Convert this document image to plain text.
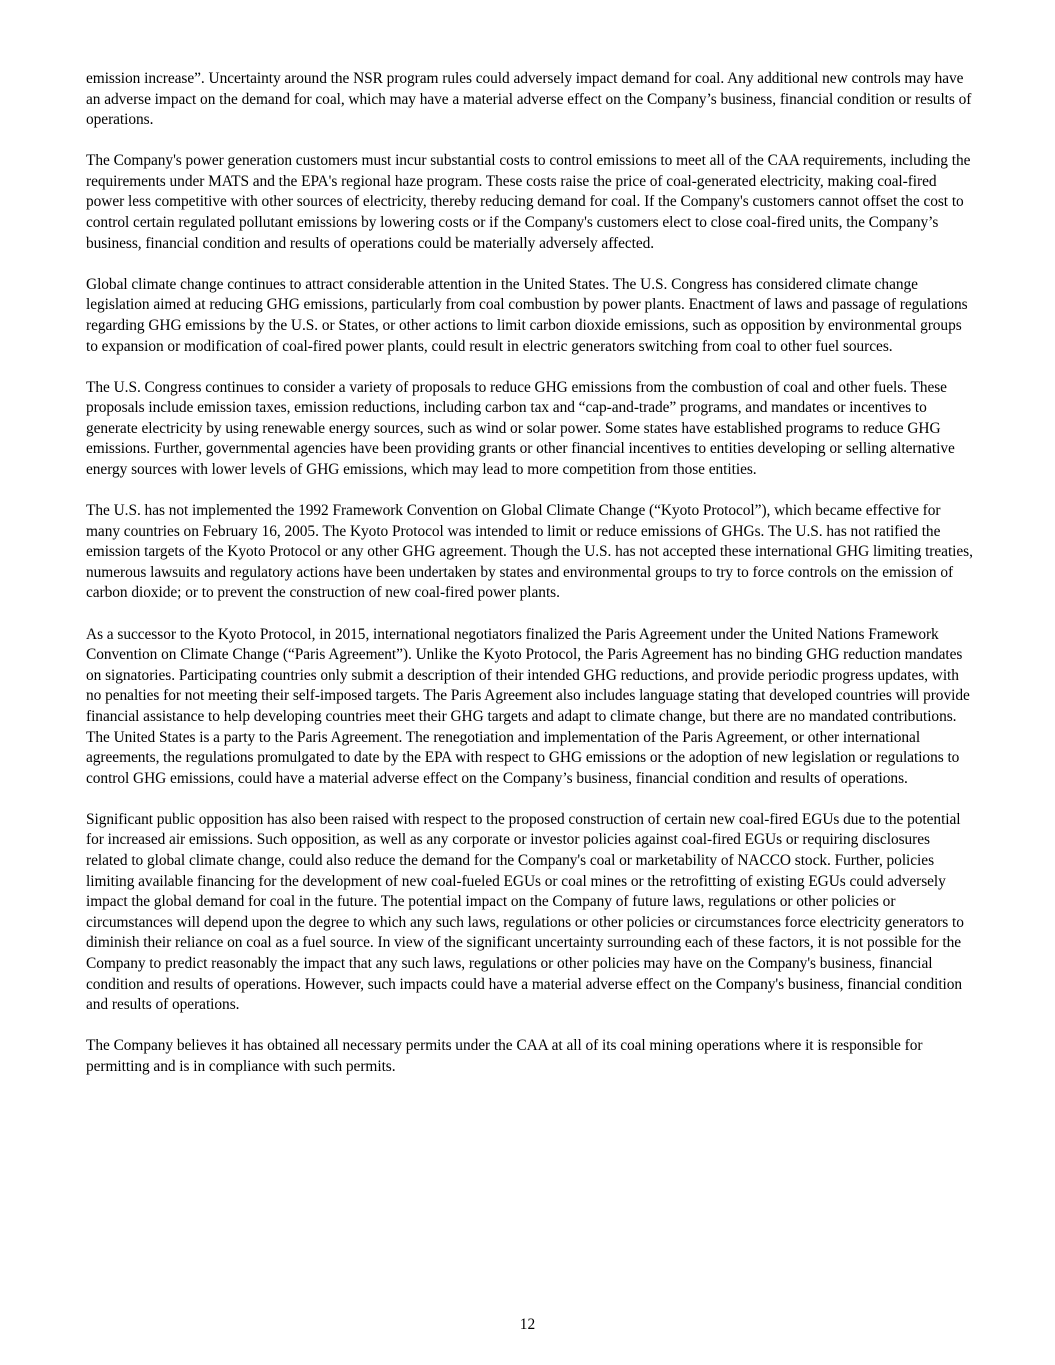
emission increase”. Uncertainty around the NSR program rules could adversely impact demand for coal. Any additional new controls may have an adverse impact on the demand for coal, which may have a material adverse effect on the Company’s business, financial condition or results of operations.

The Company's power generation customers must incur substantial costs to control emissions to meet all of the CAA requirements, including the requirements under MATS and the EPA's regional haze program. These costs raise the price of coal-generated electricity, making coal-fired power less competitive with other sources of electricity, thereby reducing demand for coal. If the Company's customers cannot offset the cost to control certain regulated pollutant emissions by lowering costs or if the Company's customers elect to close coal-fired units, the Company’s business, financial condition and results of operations could be materially adversely affected.

Global climate change continues to attract considerable attention in the United States. The U.S. Congress has considered climate change legislation aimed at reducing GHG emissions, particularly from coal combustion by power plants. Enactment of laws and passage of regulations regarding GHG emissions by the U.S. or States, or other actions to limit carbon dioxide emissions, such as opposition by environmental groups to expansion or modification of coal-fired power plants, could result in electric generators switching from coal to other fuel sources.

The U.S. Congress continues to consider a variety of proposals to reduce GHG emissions from the combustion of coal and other fuels. These proposals include emission taxes, emission reductions, including carbon tax and “cap-and-trade” programs, and mandates or incentives to generate electricity by using renewable energy sources, such as wind or solar power. Some states have established programs to reduce GHG emissions. Further, governmental agencies have been providing grants or other financial incentives to entities developing or selling alternative energy sources with lower levels of GHG emissions, which may lead to more competition from those entities.

The U.S. has not implemented the 1992 Framework Convention on Global Climate Change (“Kyoto Protocol”), which became effective for many countries on February 16, 2005. The Kyoto Protocol was intended to limit or reduce emissions of GHGs. The U.S. has not ratified the emission targets of the Kyoto Protocol or any other GHG agreement. Though the U.S. has not accepted these international GHG limiting treaties, numerous lawsuits and regulatory actions have been undertaken by states and environmental groups to try to force controls on the emission of carbon dioxide; or to prevent the construction of new coal-fired power plants.

As a successor to the Kyoto Protocol, in 2015, international negotiators finalized the Paris Agreement under the United Nations Framework Convention on Climate Change (“Paris Agreement”). Unlike the Kyoto Protocol, the Paris Agreement has no binding GHG reduction mandates on signatories. Participating countries only submit a description of their intended GHG reductions, and provide periodic progress updates, with no penalties for not meeting their self-imposed targets. The Paris Agreement also includes language stating that developed countries will provide financial assistance to help developing countries meet their GHG targets and adapt to climate change, but there are no mandated contributions. The United States is a party to the Paris Agreement. The renegotiation and implementation of the Paris Agreement, or other international agreements, the regulations promulgated to date by the EPA with respect to GHG emissions or the adoption of new legislation or regulations to control GHG emissions, could have a material adverse effect on the Company’s business, financial condition and results of operations.

Significant public opposition has also been raised with respect to the proposed construction of certain new coal-fired EGUs due to the potential for increased air emissions. Such opposition, as well as any corporate or investor policies against coal-fired EGUs or requiring disclosures related to global climate change, could also reduce the demand for the Company's coal or marketability of NACCO stock. Further, policies limiting available financing for the development of new coal-fueled EGUs or coal mines or the retrofitting of existing EGUs could adversely impact the global demand for coal in the future. The potential impact on the Company of future laws, regulations or other policies or circumstances will depend upon the degree to which any such laws, regulations or other policies or circumstances force electricity generators to diminish their reliance on coal as a fuel source. In view of the significant uncertainty surrounding each of these factors, it is not possible for the Company to predict reasonably the impact that any such laws, regulations or other policies may have on the Company's business, financial condition and results of operations. However, such impacts could have a material adverse effect on the Company's business, financial condition and results of operations.

The Company believes it has obtained all necessary permits under the CAA at all of its coal mining operations where it is responsible for permitting and is in compliance with such permits.

12
